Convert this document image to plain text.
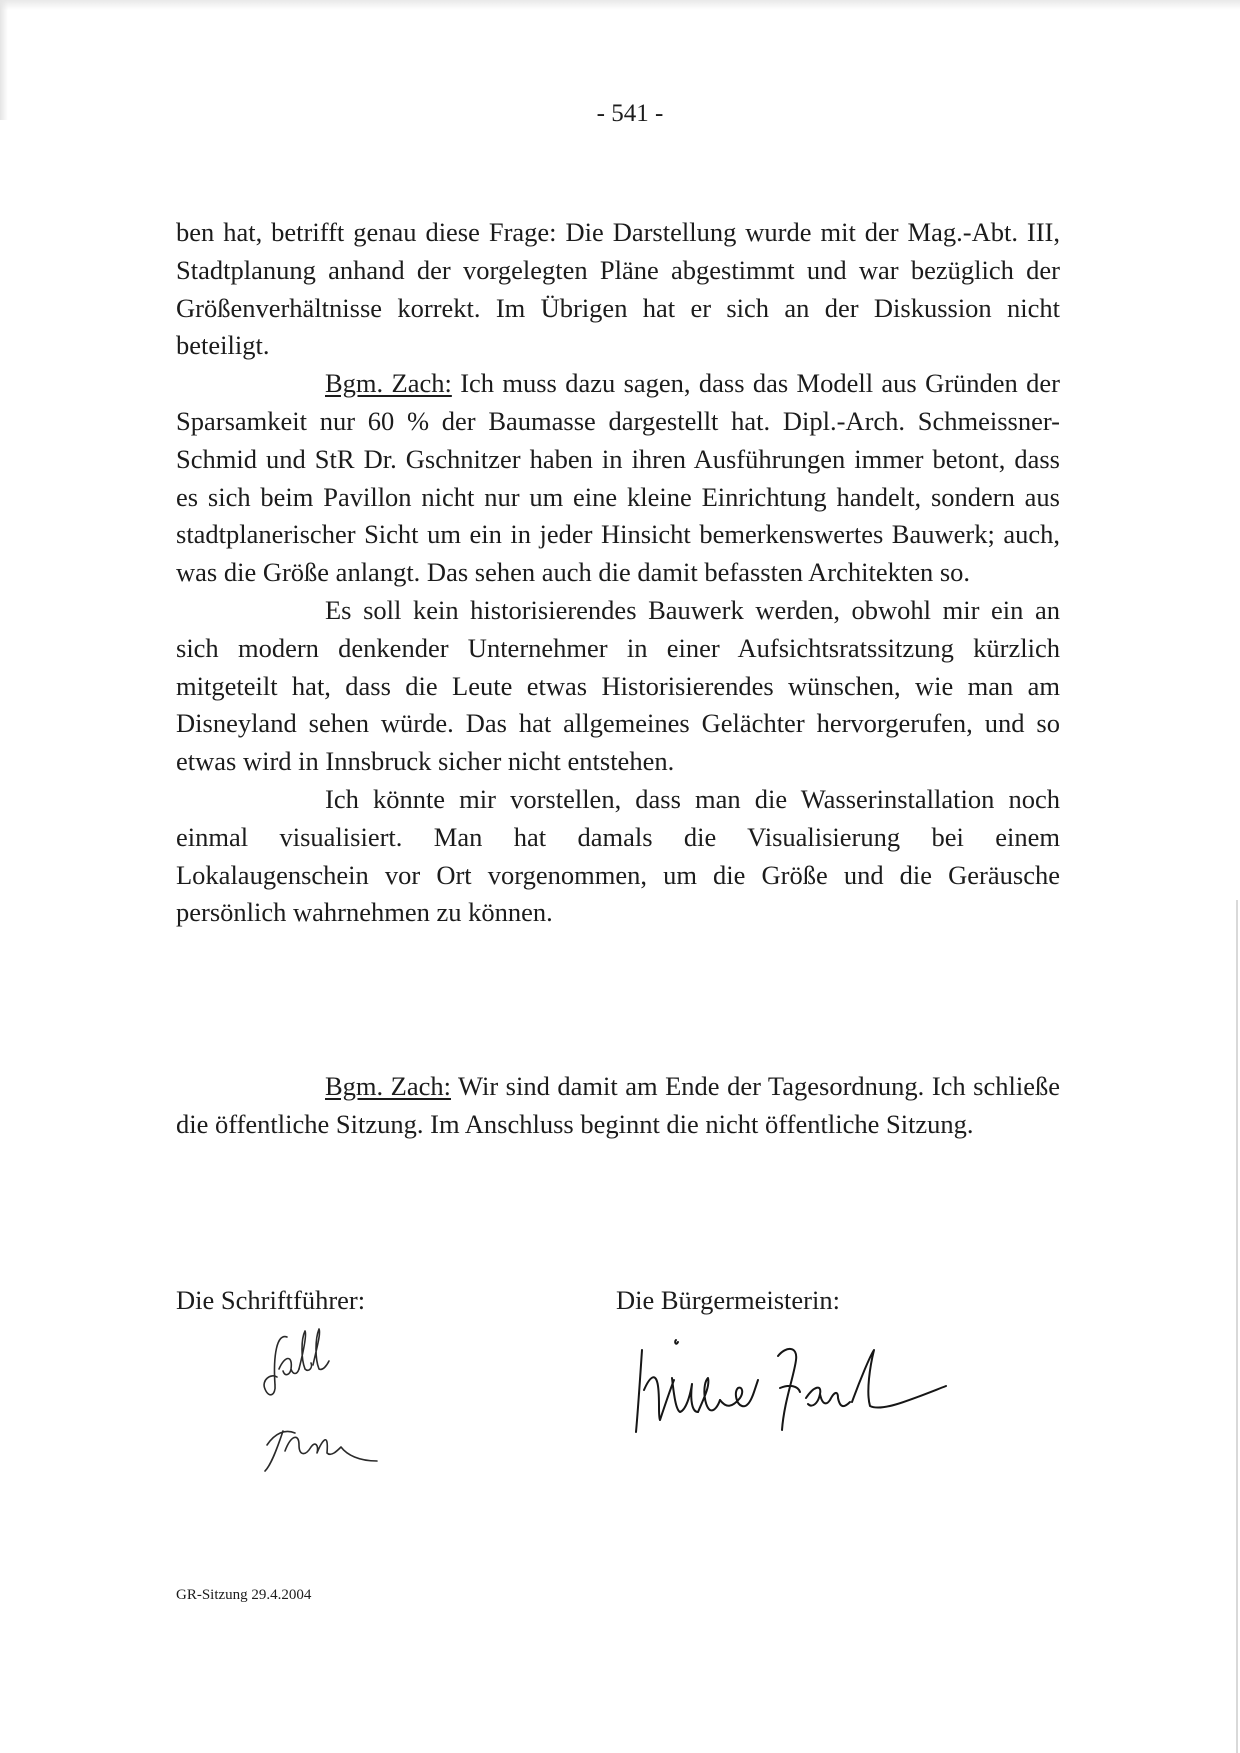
- 541 -

ben hat, betrifft genau diese Frage: Die Darstellung wurde mit der Mag.-Abt. III, Stadtplanung anhand der vorgelegten Pläne abgestimmt und war bezüglich der Größenverhältnisse korrekt. Im Übrigen hat er sich an der Diskussion nicht beteiligt.

Bgm. Zach: Ich muss dazu sagen, dass das Modell aus Gründen der Sparsamkeit nur 60 % der Baumasse dargestellt hat. Dipl.-Arch. Schmeissner-Schmid und StR Dr. Gschnitzer haben in ihren Ausführungen immer betont, dass es sich beim Pavillon nicht nur um eine kleine Einrichtung handelt, sondern aus stadtplanerischer Sicht um ein in jeder Hinsicht bemerkenswertes Bauwerk; auch, was die Größe anlangt. Das sehen auch die damit befassten Architekten so.

Es soll kein historisierendes Bauwerk werden, obwohl mir ein an sich modern denkender Unternehmer in einer Aufsichtsratssitzung kürzlich mitgeteilt hat, dass die Leute etwas Historisierendes wünschen, wie man am Disneyland sehen würde. Das hat allgemeines Gelächter hervorgerufen, und so etwas wird in Innsbruck sicher nicht entstehen.

Ich könnte mir vorstellen, dass man die Wasserinstallation noch einmal visualisiert. Man hat damals die Visualisierung bei einem Lokalaugenschein vor Ort vorgenommen, um die Größe und die Geräusche persönlich wahrnehmen zu können.

Bgm. Zach: Wir sind damit am Ende der Tagesordnung. Ich schließe die öffentliche Sitzung. Im Anschluss beginnt die nicht öffentliche Sitzung.

Die Schriftführer:	Die Bürgermeisterin:
GR-Sitzung 29.4.2004
